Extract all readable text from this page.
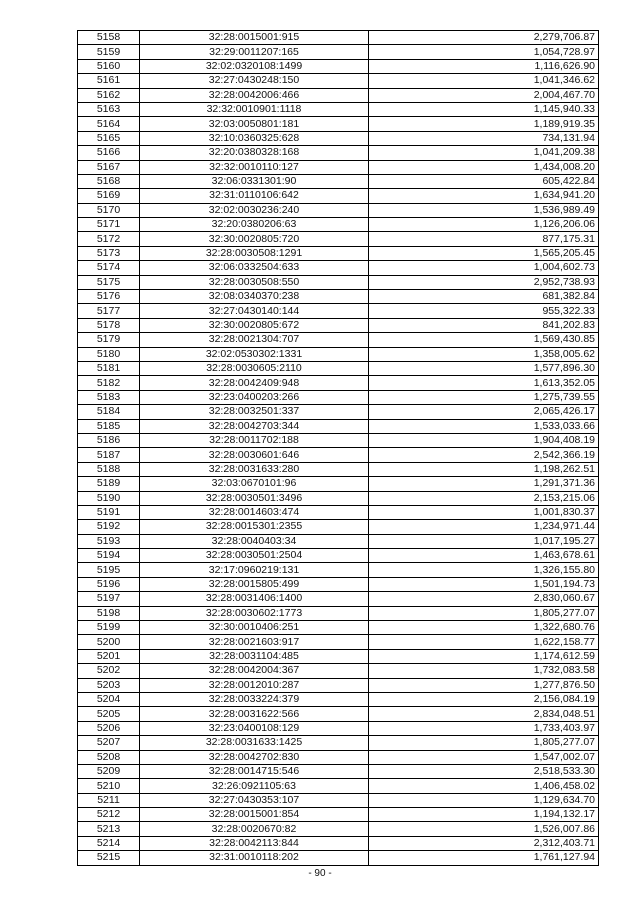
5158	32:28:0015001:915	2,279,706.87
5159	32:29:0011207:165	1,054,728.97
5160	32:02:0320108:1499	1,116,626.90
5161	32:27:0430248:150	1,041,346.62
5162	32:28:0042006:466	2,004,467.70
5163	32:32:0010901:1118	1,145,940.33
5164	32:03:0050801:181	1,189,919.35
5165	32:10:0360325:628	734,131.94
5166	32:20:0380328:168	1,041,209.38
5167	32:32:0010110:127	1,434,008.20
5168	32:06:0331301:90	605,422.84
5169	32:31:0110106:642	1,634,941.20
5170	32:02:0030236:240	1,536,989.49
5171	32:20:0380206:63	1,126,206.06
5172	32:30:0020805:720	877,175.31
5173	32:28:0030508:1291	1,565,205.45
5174	32:06:0332504:633	1,004,602.73
5175	32:28:0030508:550	2,952,738.93
5176	32:08:0340370:238	681,382.84
5177	32:27:0430140:144	955,322.33
5178	32:30:0020805:672	841,202.83
5179	32:28:0021304:707	1,569,430.85
5180	32:02:0530302:1331	1,358,005.62
5181	32:28:0030605:2110	1,577,896.30
5182	32:28:0042409:948	1,613,352.05
5183	32:23:0400203:266	1,275,739.55
5184	32:28:0032501:337	2,065,426.17
5185	32:28:0042703:344	1,533,033.66
5186	32:28:0011702:188	1,904,408.19
5187	32:28:0030601:646	2,542,366.19
5188	32:28:0031633:280	1,198,262.51
5189	32:03:0670101:96	1,291,371.36
5190	32:28:0030501:3496	2,153,215.06
5191	32:28:0014603:474	1,001,830.37
5192	32:28:0015301:2355	1,234,971.44
5193	32:28:0040403:34	1,017,195.27
5194	32:28:0030501:2504	1,463,678.61
5195	32:17:0960219:131	1,326,155.80
5196	32:28:0015805:499	1,501,194.73
5197	32:28:0031406:1400	2,830,060.67
5198	32:28:0030602:1773	1,805,277.07
5199	32:30:0010406:251	1,322,680.76
5200	32:28:0021603:917	1,622,158.77
5201	32:28:0031104:485	1,174,612.59
5202	32:28:0042004:367	1,732,083.58
5203	32:28:0012010:287	1,277,876.50
5204	32:28:0033224:379	2,156,084.19
5205	32:28:0031622:566	2,834,048.51
5206	32:23:0400108:129	1,733,403.97
5207	32:28:0031633:1425	1,805,277.07
5208	32:28:0042702:830	1,547,002.07
5209	32:28:0014715:546	2,518,533.30
5210	32:26:0921105:63	1,406,458.02
5211	32:27:0430353:107	1,129,634.70
5212	32:28:0015001:854	1,194,132.17
5213	32:28:0020670:82	1,526,007.86
5214	32:28:0042113:844	2,312,403.71
5215	32:31:0010118:202	1,761,127.94
- 90 -
